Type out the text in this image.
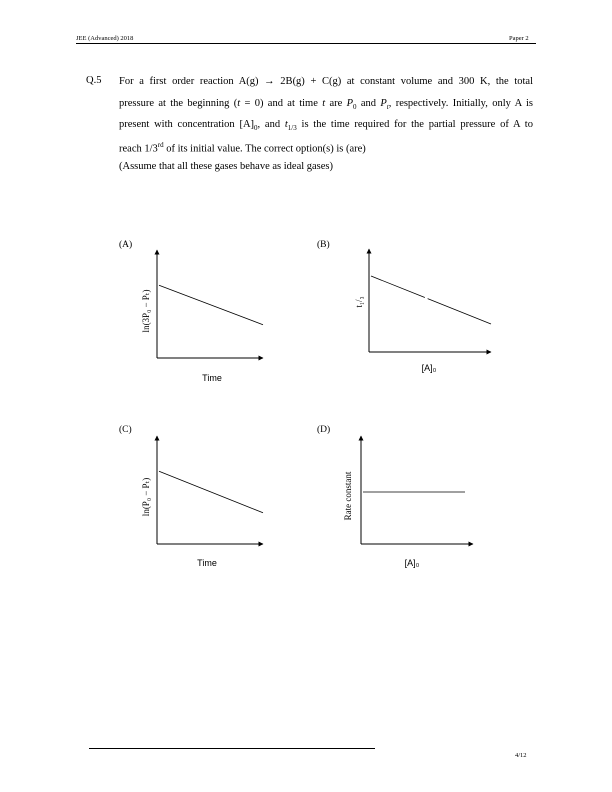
JEE (Advanced) 2018	Paper 2
Q.5 For a first order reaction A(g) → 2B(g) + C(g) at constant volume and 300 K, the total
pressure at the beginning (t = 0) and at time t are $P_0$ and $P_t$, respectively. Initially, only A is
present with concentration $[A]_0$, and $t_{1/3}$ is the time required for the partial pressure of A to
reach 1/3rd of its initial value. The correct option(s) is (are)
(Assume that all these gases behave as ideal gases)
(A)	(B)
(C)	(D)
ln(3P₀ − Pₜ)
Time
t₁/₃
[A]₀
ln(P₀ − Pₜ)
Time
Rate constant
[A]₀
4/12
